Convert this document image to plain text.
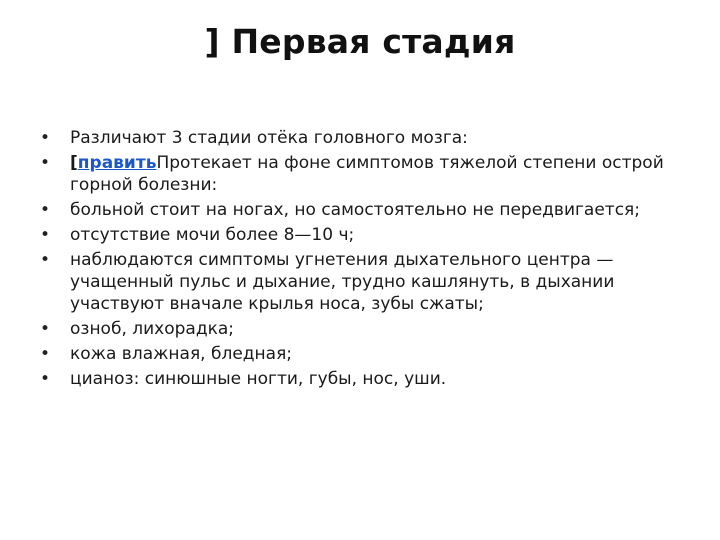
] Первая стадия
• Различают 3 стадии отёка головного мозга:
• [правитьПротекает на фоне симптомов тяжелой степени острой горной болезни:
• больной стоит на ногах, но самостоятельно не передвигается;
• отсутствие мочи более 8—10 ч;
• наблюдаются симптомы угнетения дыхательного центра — учащенный пульс и дыхание, трудно кашлянуть, в дыхании участвуют вначале крылья носа, зубы сжаты;
• озноб, лихорадка;
• кожа влажная, бледная;
• цианоз: синюшные ногти, губы, нос, уши.
